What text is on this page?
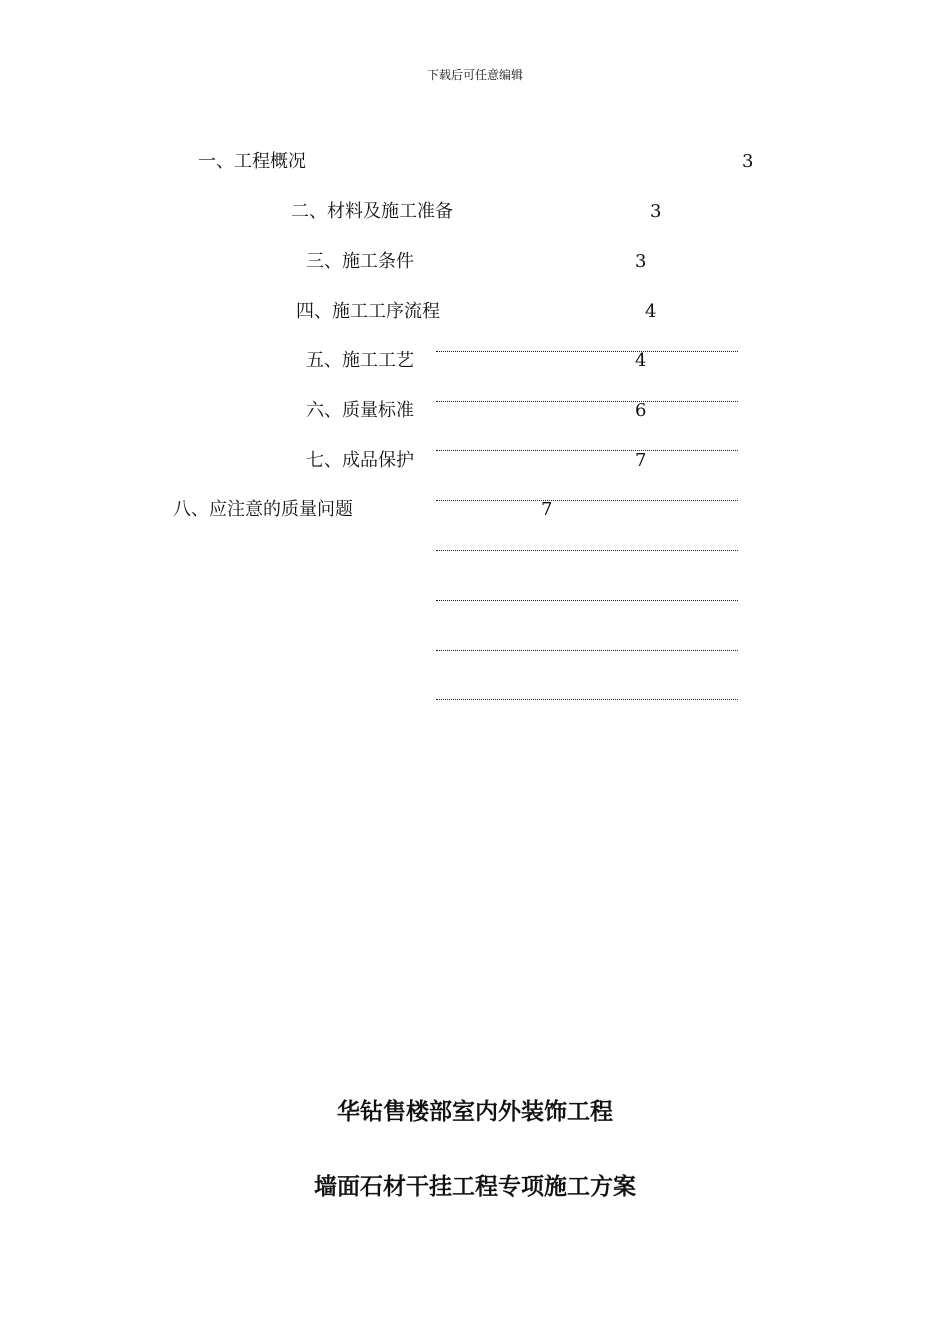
下载后可任意编辑
一、工程概况	3
二、材料及施工准备	3
三、施工条件	3
四、施工工序流程	4
五、施工工艺	4
六、质量标准	6
七、成品保护	7
八、应注意的质量问题	7
华钻售楼部室内外装饰工程
墙面石材干挂工程专项施工方案
